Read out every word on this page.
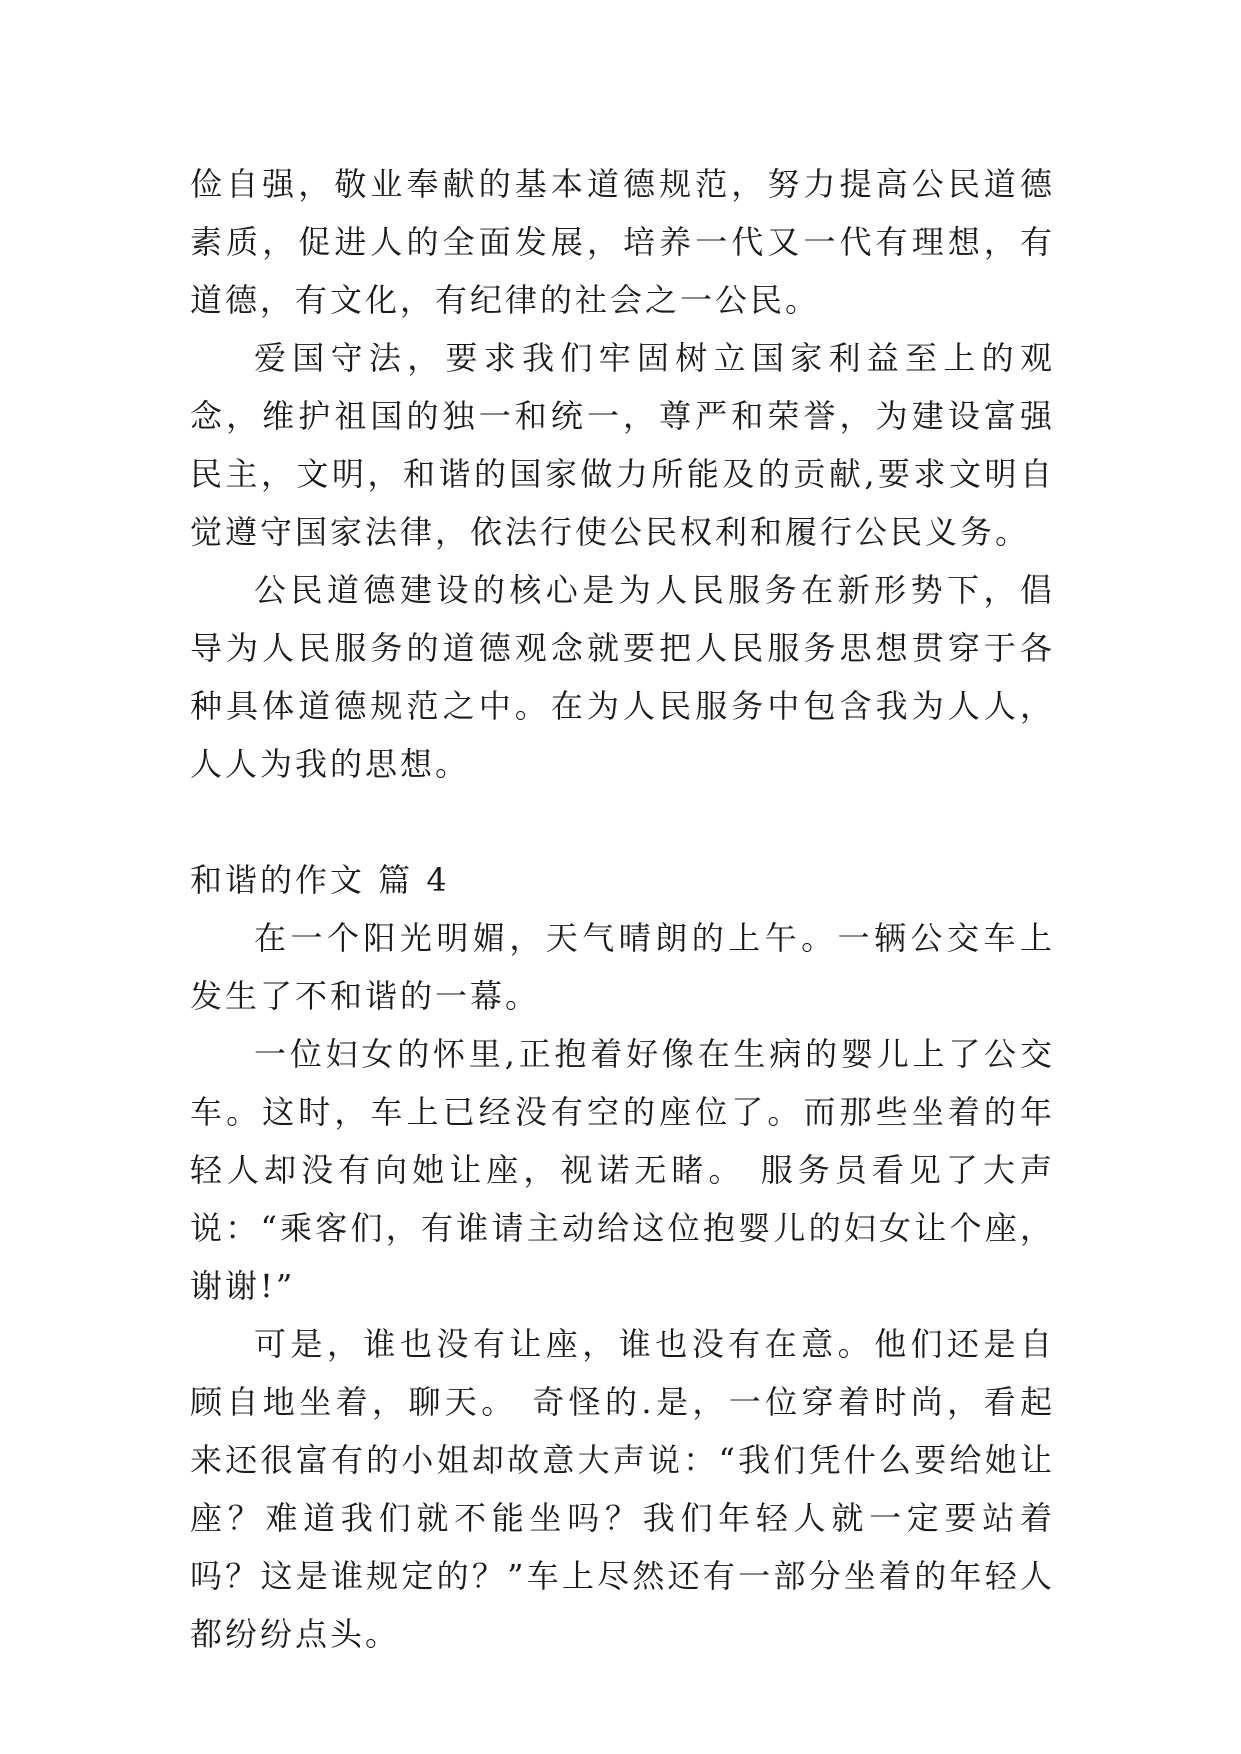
俭自强，敬业奉献的基本道德规范，努力提高公民道德素质，促进人的全面发展，培养一代又一代有理想，有道德，有文化，有纪律的社会之一公民。

爱国守法，要求我们牢固树立国家利益至上的观念，维护祖国的独一和统一，尊严和荣誉，为建设富强民主，文明，和谐的国家做力所能及的贡献,要求文明自觉遵守国家法律，依法行使公民权利和履行公民义务。

公民道德建设的核心是为人民服务在新形势下，倡导为人民服务的道德观念就要把人民服务思想贯穿于各种具体道德规范之中。在为人民服务中包含我为人人，人人为我的思想。

和谐的作文 篇 4

在一个阳光明媚，天气晴朗的上午。一辆公交车上发生了不和谐的一幕。

一位妇女的怀里,正抱着好像在生病的婴儿上了公交车。这时，车上已经没有空的座位了。而那些坐着的年轻人却没有向她让座，视诺无睹。 服务员看见了大声说：“乘客们，有谁请主动给这位抱婴儿的妇女让个座，谢谢!”

可是，谁也没有让座，谁也没有在意。他们还是自顾自地坐着，聊天。 奇怪的.是，一位穿着时尚，看起来还很富有的小姐却故意大声说：“我们凭什么要给她让座？难道我们就不能坐吗？我们年轻人就一定要站着吗？这是谁规定的？”车上尽然还有一部分坐着的年轻人都纷纷点头。
